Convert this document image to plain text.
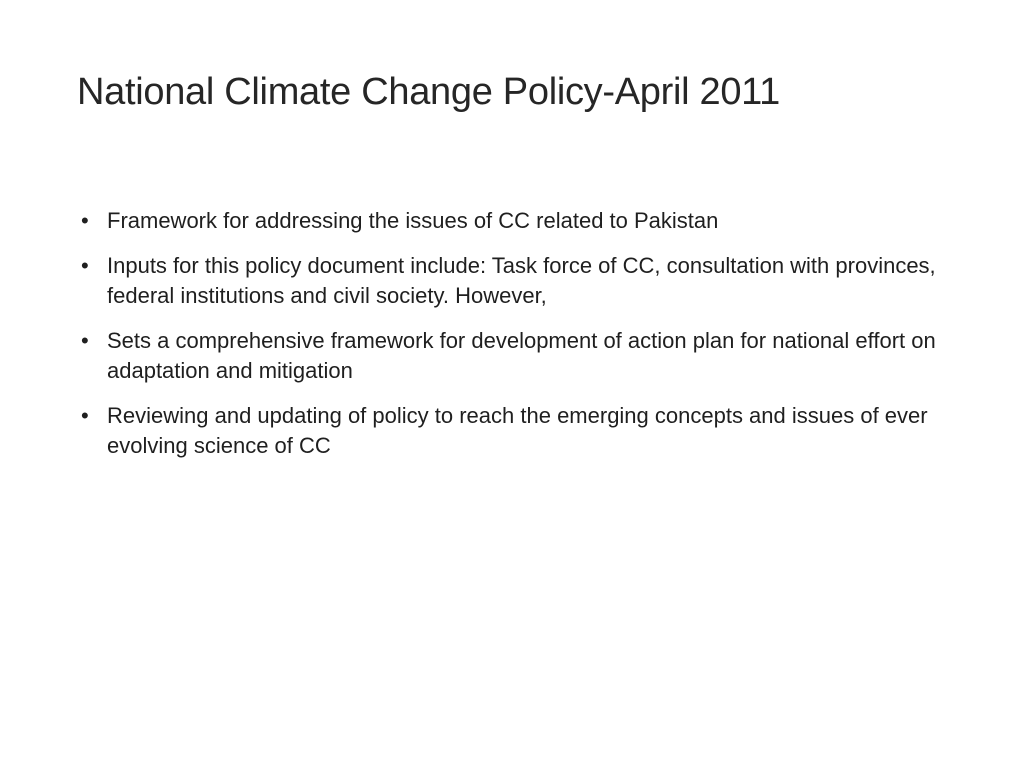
National Climate Change Policy-April 2011
• Framework for addressing the issues of CC related to Pakistan
• Inputs for this policy document include: Task force of CC, consultation with provinces, federal institutions and civil society. However,
• Sets a comprehensive framework for development of action plan for national effort on adaptation and mitigation
• Reviewing and updating of policy to reach the emerging concepts and issues of ever evolving science of CC
